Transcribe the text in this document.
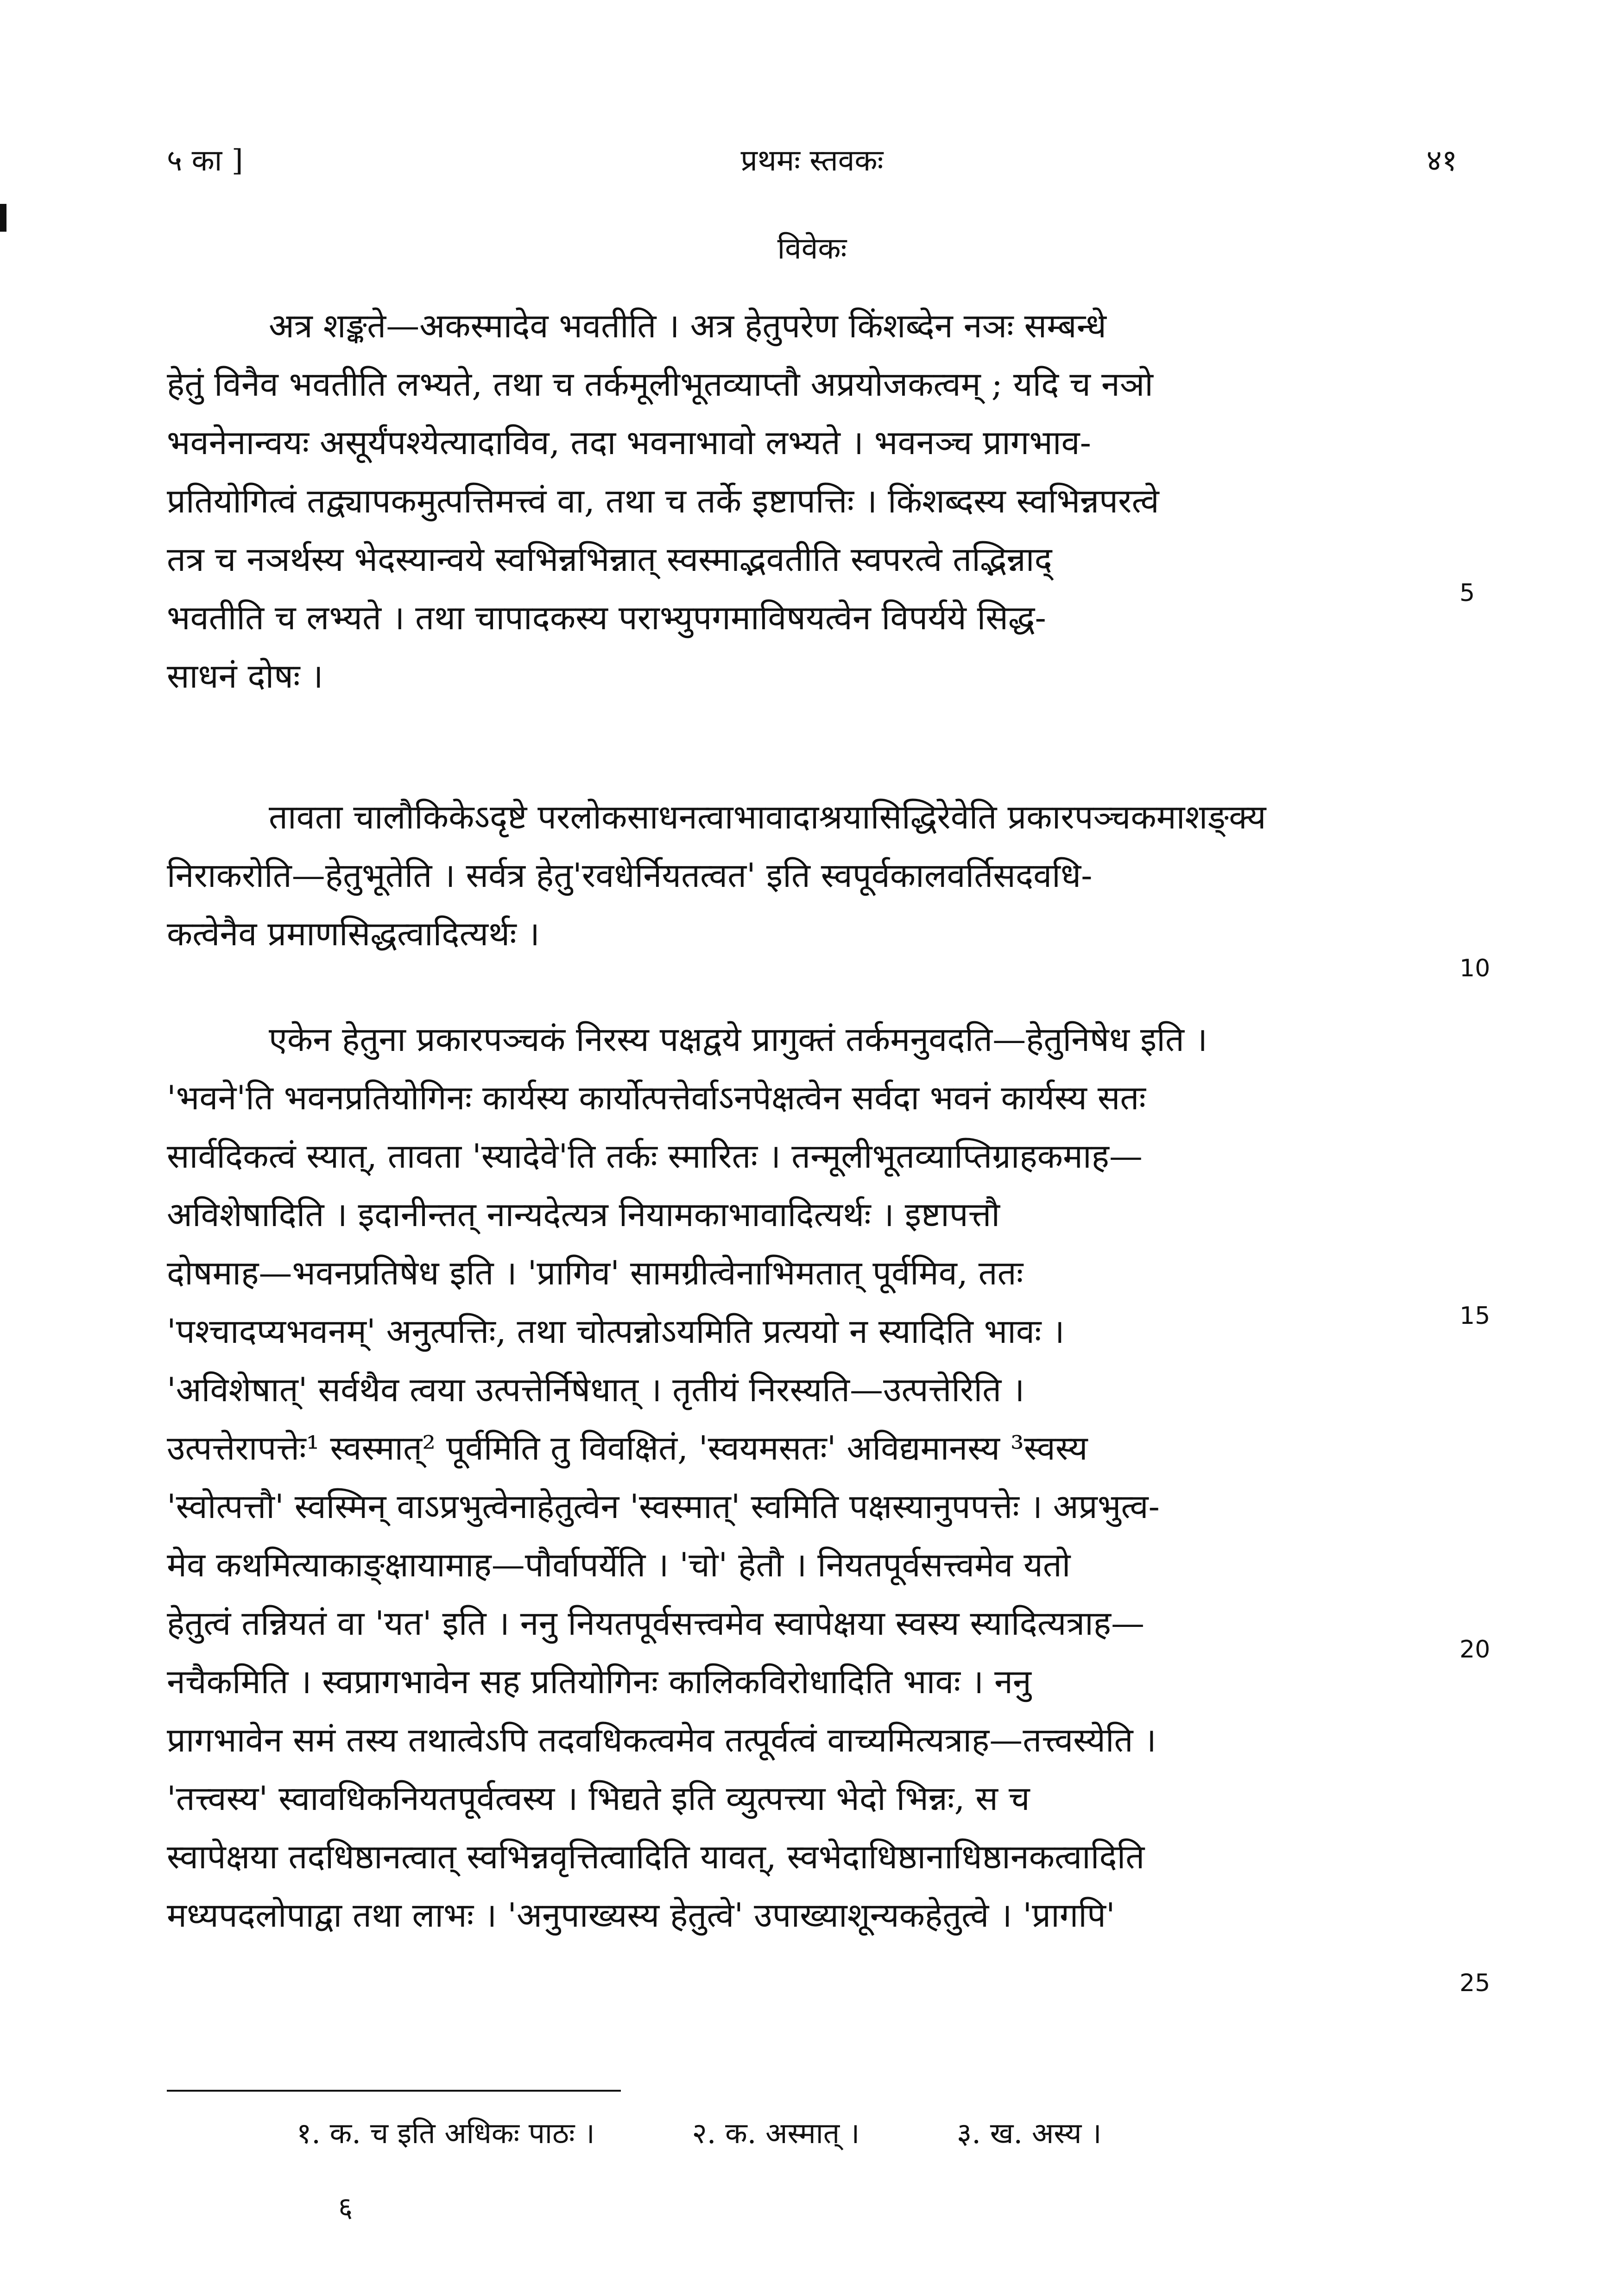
५ का ]	प्रथमः स्तवकः	४१
विवेकः
अत्र शङ्कते—अकस्मादेव भवतीति । अत्र हेतुपरेण किंशब्देन नञः सम्बन्धे
हेतुं विनैव भवतीति लभ्यते, तथा च तर्कमूलीभूतव्याप्तौ अप्रयोजकत्वम् ; यदि च नञो
भवनेनान्वयः असूर्यंपश्येत्यादाविव, तदा भवनाभावो लभ्यते । भवनञ्च प्रागभाव-
प्रतियोगित्वं तद्व्यापकमुत्पत्तिमत्त्वं वा, तथा च तर्के इष्टापत्तिः । किंशब्दस्य स्वभिन्नपरत्वे
तत्र च नञर्थस्य भेदस्यान्वये स्वभिन्नभिन्नात् स्वस्माद्भवतीति स्वपरत्वे तद्भिन्नाद्
भवतीति च लभ्यते । तथा चापादकस्य पराभ्युपगमाविषयत्वेन विपर्यये सिद्ध-
साधनं दोषः ।
तावता चालौकिकेऽदृष्टे परलोकसाधनत्वाभावादाश्रयासिद्धिरेवेति प्रकारपञ्चकमाशङ्क्य
निराकरोति—हेतुभूतेति । सर्वत्र हेतु'रवधेर्नियतत्वत' इति स्वपूर्वकालवर्तिसदवधि-
कत्वेनैव प्रमाणसिद्धत्वादित्यर्थः ।
एकेन हेतुना प्रकारपञ्चकं निरस्य पक्षद्वये प्रागुक्तं तर्कमनुवदति—हेतुनिषेध इति ।
'भवने'ति भवनप्रतियोगिनः कार्यस्य कार्योत्पत्तेर्वाऽनपेक्षत्वेन सर्वदा भवनं कार्यस्य सतः
सार्वदिकत्वं स्यात्, तावता 'स्यादेवे'ति तर्कः स्मारितः । तन्मूलीभूतव्याप्तिग्राहकमाह—
अविशेषादिति । इदानीन्तत् नान्यदेत्यत्र नियामकाभावादित्यर्थः । इष्टापत्तौ
दोषमाह—भवनप्रतिषेध इति । 'प्रागिव' सामग्रीत्वेनाभिमतात् पूर्वमिव, ततः
'पश्चादप्यभवनम्' अनुत्पत्तिः, तथा चोत्पन्नोऽयमिति प्रत्ययो न स्यादिति भावः ।
'अविशेषात्' सर्वथैव त्वया उत्पत्तेर्निषेधात् । तृतीयं निरस्यति—उत्पत्तेरिति ।
उत्पत्तेरापत्तेः¹ स्वस्मात्² पूर्वमिति तु विवक्षितं, 'स्वयमसतः' अविद्यमानस्य ³स्वस्य
'स्वोत्पत्तौ' स्वस्मिन् वाऽप्रभुत्वेनाहेतुत्वेन 'स्वस्मात्' स्वमिति पक्षस्यानुपपत्तेः । अप्रभुत्व-
मेव कथमित्याकाङ्क्षायामाह—पौर्वापर्येति । 'चो' हेतौ । नियतपूर्वसत्त्वमेव यतो
हेतुत्वं तन्नियतं वा 'यत' इति । ननु नियतपूर्वसत्त्वमेव स्वापेक्षया स्वस्य स्यादित्यत्राह—
नचैकमिति । स्वप्रागभावेन सह प्रतियोगिनः कालिकविरोधादिति भावः । ननु
प्रागभावेन समं तस्य तथात्वेऽपि तदवधिकत्वमेव तत्पूर्वत्वं वाच्यमित्यत्राह—तत्त्वस्येति ।
'तत्त्वस्य' स्वावधिकनियतपूर्वत्वस्य । भिद्यते इति व्युत्पत्त्या भेदो भिन्नः, स च
स्वापेक्षया तदधिष्ठानत्वात् स्वभिन्नवृत्तित्वादिति यावत्, स्वभेदाधिष्ठानाधिष्ठानकत्वादिति
मध्यपदलोपाद्वा तथा लाभः । 'अनुपाख्यस्य हेतुत्वे' उपाख्याशून्यकहेतुत्वे । 'प्रागपि'
5
10
15
20
25
१. क. च इति अधिकः पाठः ।	२. क. अस्मात् ।	३. ख. अस्य ।
६
